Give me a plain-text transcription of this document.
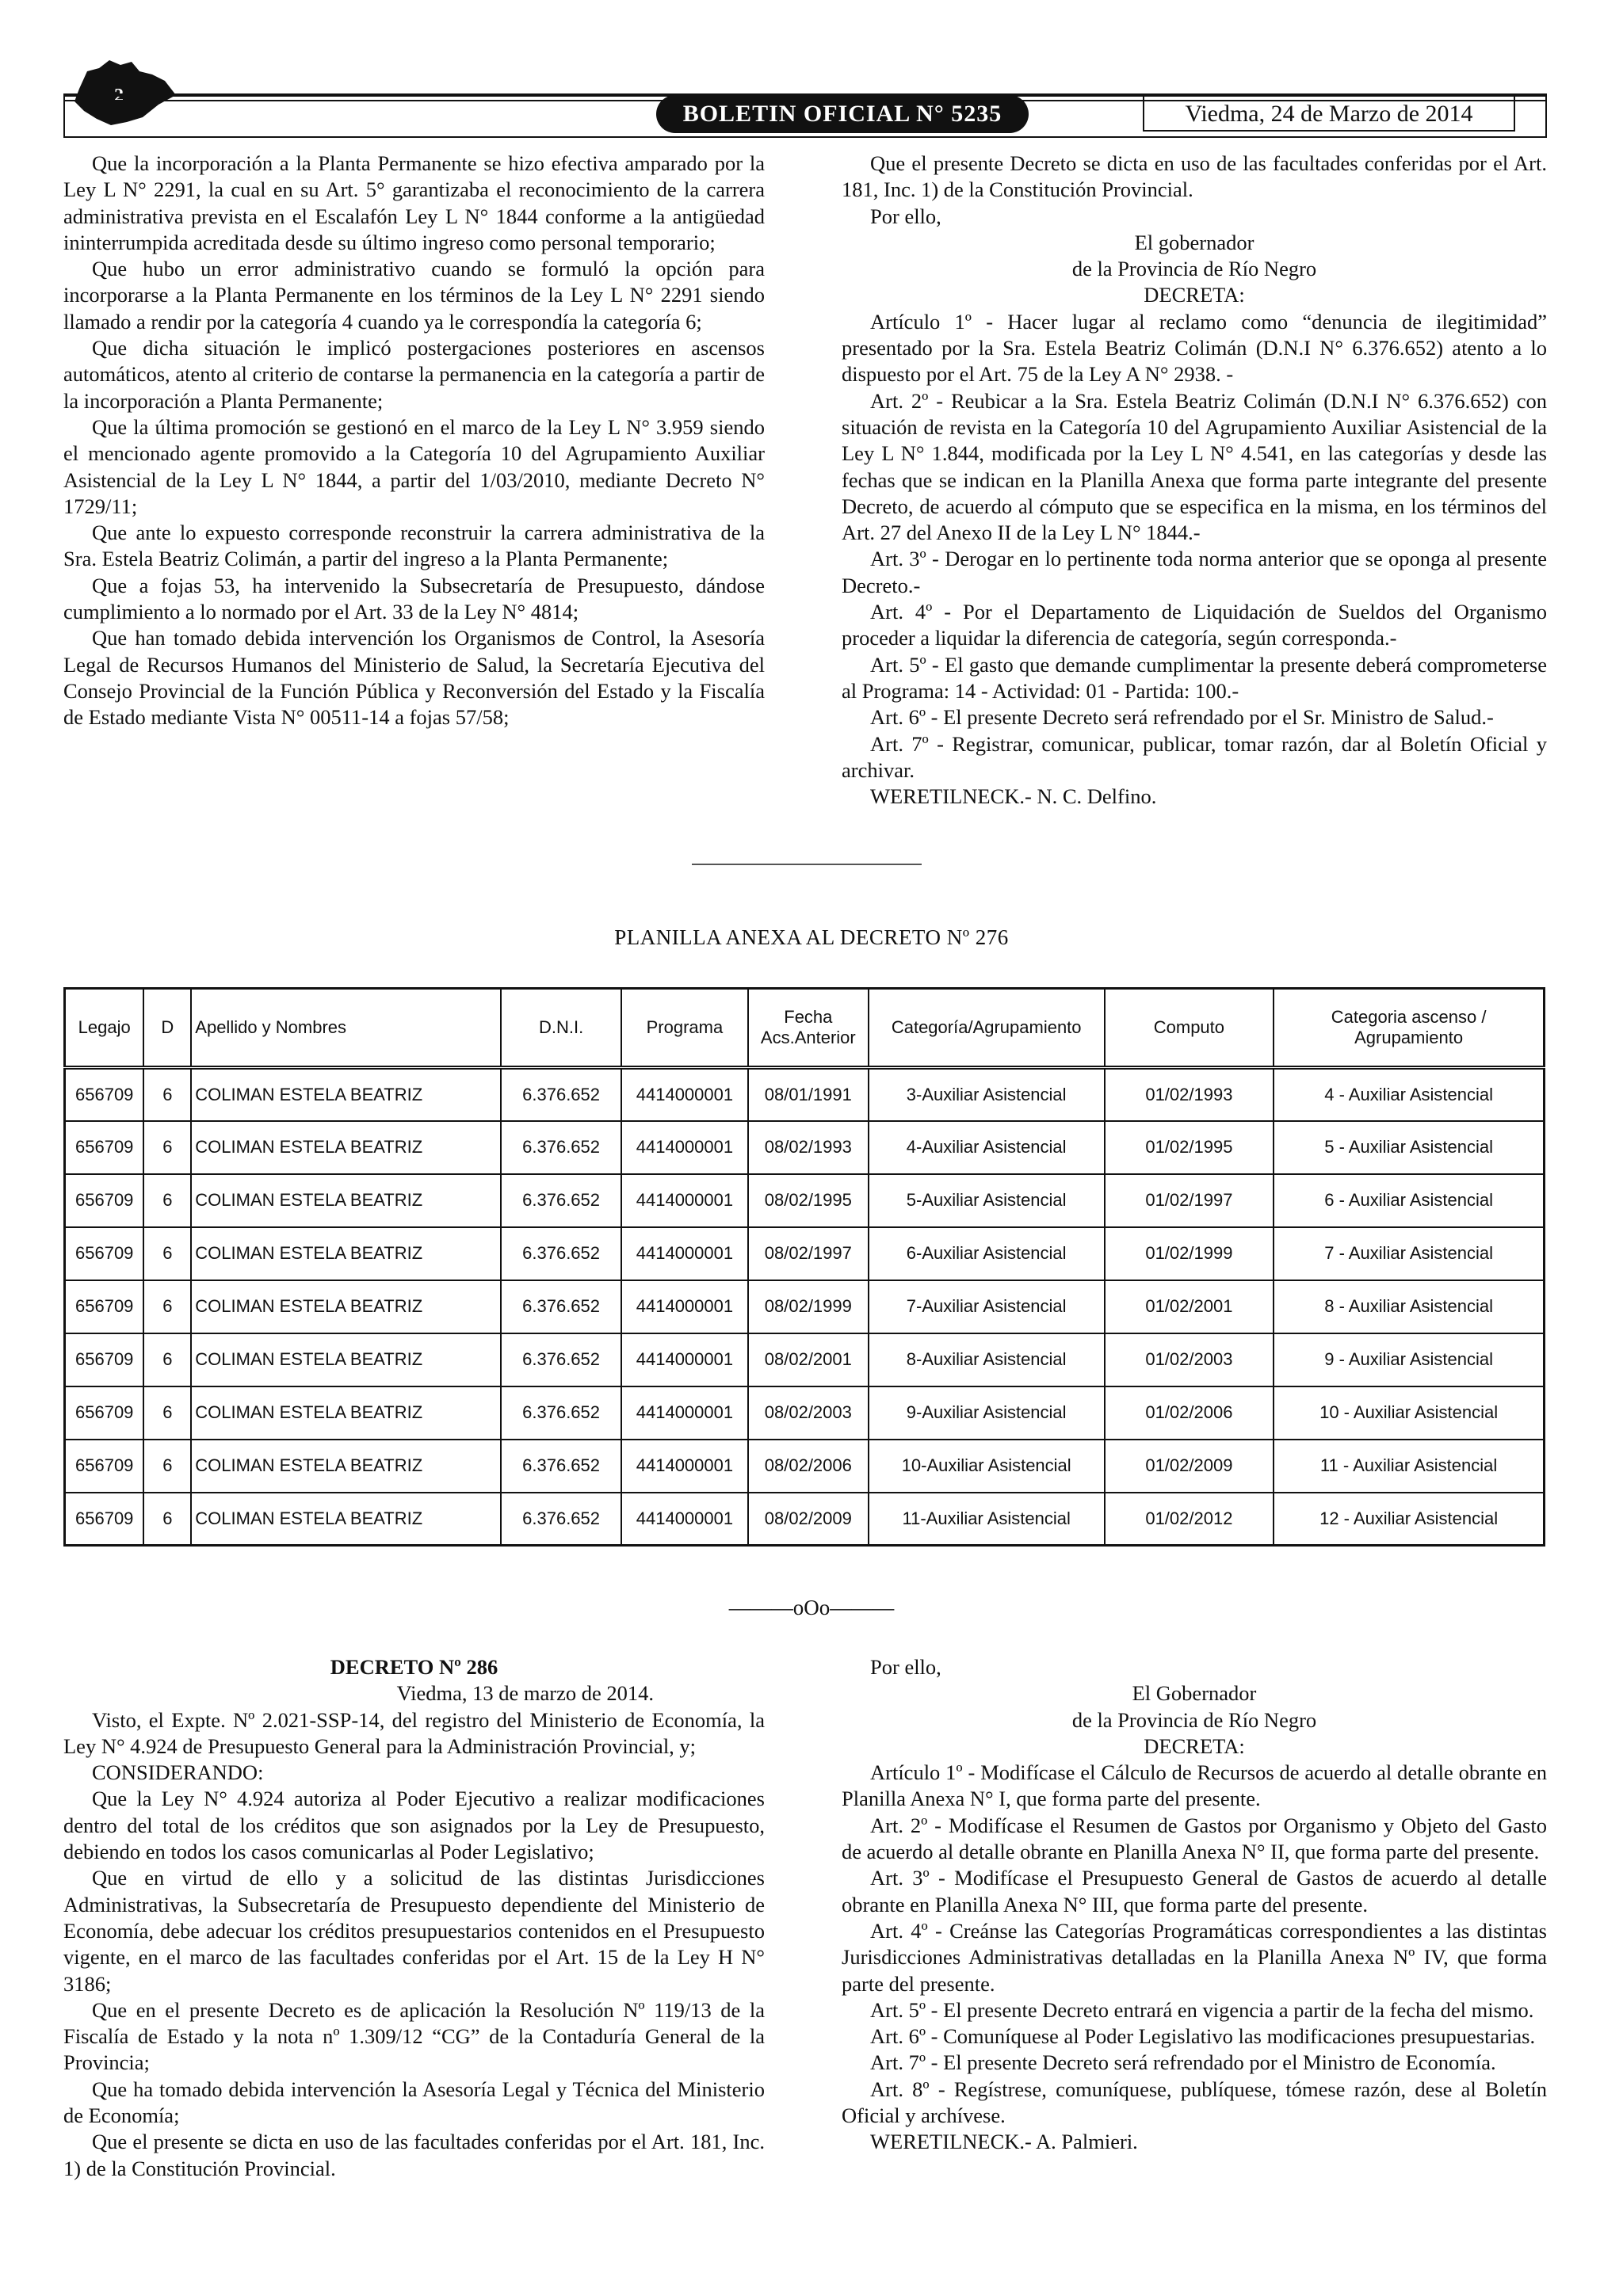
BOLETIN OFICIAL N° 5235	Viedma, 24 de Marzo de 2014

Que la incorporación a la Planta Permanente se hizo efectiva amparado por la Ley L N° 2291, la cual en su Art. 5° garantizaba el reconocimiento de la carrera administrativa prevista en el Escalafón Ley L N° 1844 conforme a la antigüedad ininterrumpida acreditada desde su último ingreso como personal temporario;

Que hubo un error administrativo cuando se formuló la opción para incorporarse a la Planta Permanente en los términos de la Ley L N° 2291 siendo llamado a rendir por la categoría 4 cuando ya le correspondía la categoría 6;

Que dicha situación le implicó postergaciones posteriores en ascensos automáticos, atento al criterio de contarse la permanencia en la categoría a partir de la incorporación a Planta Permanente;

Que la última promoción se gestionó en el marco de la Ley L N° 3.959 siendo el mencionado agente promovido a la Categoría 10 del Agrupamiento Auxiliar Asistencial de la Ley L N° 1844, a partir del 1/03/2010, mediante Decreto N° 1729/11;

Que ante lo expuesto corresponde reconstruir la carrera administrativa de la Sra. Estela Beatriz Colimán, a partir del ingreso a la Planta Permanente;

Que a fojas 53, ha intervenido la Subsecretaría de Presupuesto, dándose cumplimiento a lo normado por el Art. 33 de la Ley N° 4814;

Que han tomado debida intervención los Organismos de Control, la Asesoría Legal de Recursos Humanos del Ministerio de Salud, la Secretaría Ejecutiva del Consejo Provincial de la Función Pública y Reconversión del Estado y la Fiscalía de Estado mediante Vista N° 00511-14 a fojas 57/58;

Que el presente Decreto se dicta en uso de las facultades conferidas por el Art. 181, Inc. 1) de la Constitución Provincial.

Por ello,

El gobernador

de la Provincia de Río Negro

DECRETA:

Artículo 1º - Hacer lugar al reclamo como “denuncia de ilegitimidad” presentado por la Sra. Estela Beatriz Colimán (D.N.I N° 6.376.652) atento a lo dispuesto por el Art. 75 de la Ley A N° 2938. -

Art. 2º - Reubicar a la Sra. Estela Beatriz Colimán (D.N.I N° 6.376.652) con situación de revista en la Categoría 10 del Agrupamiento Auxiliar Asistencial de la Ley L N° 1.844, modificada por la Ley L N° 4.541, en las categorías y desde las fechas que se indican en la Planilla Anexa que forma parte integrante del presente Decreto, de acuerdo al cómputo que se especifica en la misma, en los términos del Art. 27 del Anexo II de la Ley L N° 1844.-

Art. 3º - Derogar en lo pertinente toda norma anterior que se oponga al presente Decreto.-

Art. 4º - Por el Departamento de Liquidación de Sueldos del Organismo proceder a liquidar la diferencia de categoría, según corresponda.-

Art. 5º - El gasto que demande cumplimentar la presente deberá comprometerse al Programa: 14 - Actividad: 01 - Partida: 100.-

Art. 6º - El presente Decreto será refrendado por el Sr. Ministro de Salud.-

Art. 7º - Registrar, comunicar, publicar, tomar razón, dar al Boletín Oficial y archivar.

WERETILNECK.- N. C. Delfino.

PLANILLA ANEXA AL DECRETO Nº 276
Legajo	D	Apellido y Nombres	D.N.I.	Programa	Fecha Acs.Anterior	Categoría/Agrupamiento	Computo	Categoria ascenso / Agrupamiento
656709	6	COLIMAN ESTELA BEATRIZ	6.376.652	4414000001	08/01/1991	3-Auxiliar Asistencial	01/02/1993	4 - Auxiliar Asistencial
656709	6	COLIMAN ESTELA BEATRIZ	6.376.652	4414000001	08/02/1993	4-Auxiliar Asistencial	01/02/1995	5 - Auxiliar Asistencial
656709	6	COLIMAN ESTELA BEATRIZ	6.376.652	4414000001	08/02/1995	5-Auxiliar Asistencial	01/02/1997	6 - Auxiliar Asistencial
656709	6	COLIMAN ESTELA BEATRIZ	6.376.652	4414000001	08/02/1997	6-Auxiliar Asistencial	01/02/1999	7 - Auxiliar Asistencial
656709	6	COLIMAN ESTELA BEATRIZ	6.376.652	4414000001	08/02/1999	7-Auxiliar Asistencial	01/02/2001	8 - Auxiliar Asistencial
656709	6	COLIMAN ESTELA BEATRIZ	6.376.652	4414000001	08/02/2001	8-Auxiliar Asistencial	01/02/2003	9 - Auxiliar Asistencial
656709	6	COLIMAN ESTELA BEATRIZ	6.376.652	4414000001	08/02/2003	9-Auxiliar Asistencial	01/02/2006	10 - Auxiliar Asistencial
656709	6	COLIMAN ESTELA BEATRIZ	6.376.652	4414000001	08/02/2006	10-Auxiliar Asistencial	01/02/2009	11 - Auxiliar Asistencial
656709	6	COLIMAN ESTELA BEATRIZ	6.376.652	4414000001	08/02/2009	11-Auxiliar Asistencial	01/02/2012	12 - Auxiliar Asistencial
———oOo———

DECRETO Nº 286

Viedma, 13 de marzo de 2014.

Visto, el Expte. Nº 2.021-SSP-14, del registro del Ministerio de Economía, la Ley N° 4.924 de Presupuesto General para la Administración Provincial, y;

CONSIDERANDO:

Que la Ley N° 4.924 autoriza al Poder Ejecutivo a realizar modificaciones dentro del total de los créditos que son asignados por la Ley de Presupuesto, debiendo en todos los casos comunicarlas al Poder Legislativo;

Que en virtud de ello y a solicitud de las distintas Jurisdicciones Administrativas, la Subsecretaría de Presupuesto dependiente del Ministerio de Economía, debe adecuar los créditos presupuestarios contenidos en el Presupuesto vigente, en el marco de las facultades conferidas por el Art. 15 de la Ley H N° 3186;

Que en el presente Decreto es de aplicación la Resolución Nº 119/13 de la Fiscalía de Estado y la nota nº 1.309/12 “CG” de la Contaduría General de la Provincia;

Que ha tomado debida intervención la Asesoría Legal y Técnica del Ministerio de Economía;

Que el presente se dicta en uso de las facultades conferidas por el Art. 181, Inc. 1) de la Constitución Provincial.

Por ello,

El Gobernador

de la Provincia de Río Negro

DECRETA:

Artículo 1º - Modifícase el Cálculo de Recursos de acuerdo al detalle obrante en Planilla Anexa N° I, que forma parte del presente.

Art. 2º - Modifícase el Resumen de Gastos por Organismo y Objeto del Gasto de acuerdo al detalle obrante en Planilla Anexa N° II, que forma parte del presente.

Art. 3º - Modifícase el Presupuesto General de Gastos de acuerdo al detalle obrante en Planilla Anexa N° III, que forma parte del presente.

Art. 4º - Creánse las Categorías Programáticas correspondientes a las distintas Jurisdicciones Administrativas detalladas en la Planilla Anexa Nº IV, que forma parte del presente.

Art. 5º - El presente Decreto entrará en vigencia a partir de la fecha del mismo.

Art. 6º - Comuníquese al Poder Legislativo las modificaciones presupuestarias.

Art. 7º - El presente Decreto será refrendado por el Ministro de Economía.

Art. 8º - Regístrese, comuníquese, publíquese, tómese razón, dese al Boletín Oficial y archívese.

WERETILNECK.- A. Palmieri.
